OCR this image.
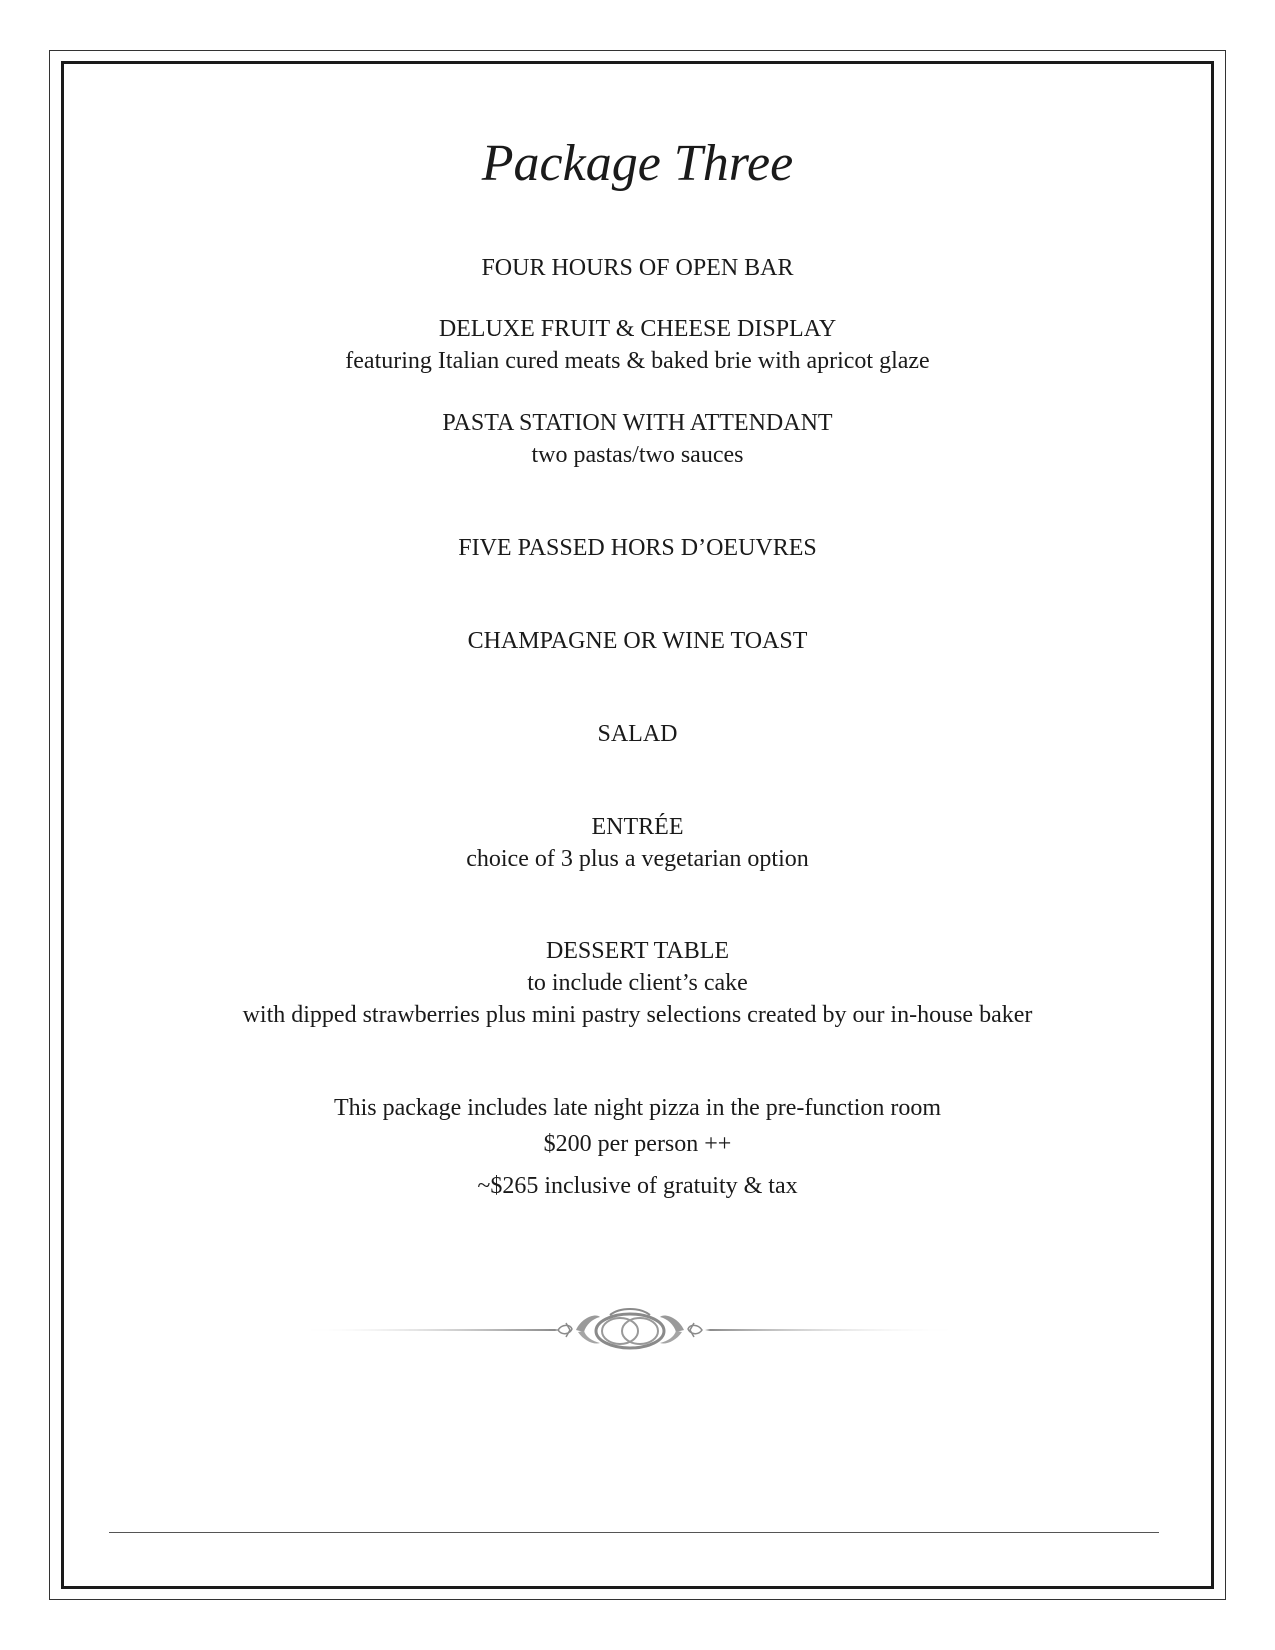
Package Three
FOUR HOURS OF OPEN BAR
DELUXE FRUIT & CHEESE DISPLAY
featuring Italian cured meats & baked brie with apricot glaze
PASTA STATION WITH ATTENDANT
two pastas/two sauces
FIVE PASSED HORS D’OEUVRES
CHAMPAGNE OR WINE TOAST
SALAD
ENTRÉE
choice of 3 plus a vegetarian option
DESSERT TABLE
to include client’s cake
with dipped strawberries plus mini pastry selections created by our in-house baker
This package includes late night pizza in the pre-function room
$200 per person ++
~$265 inclusive of gratuity & tax
